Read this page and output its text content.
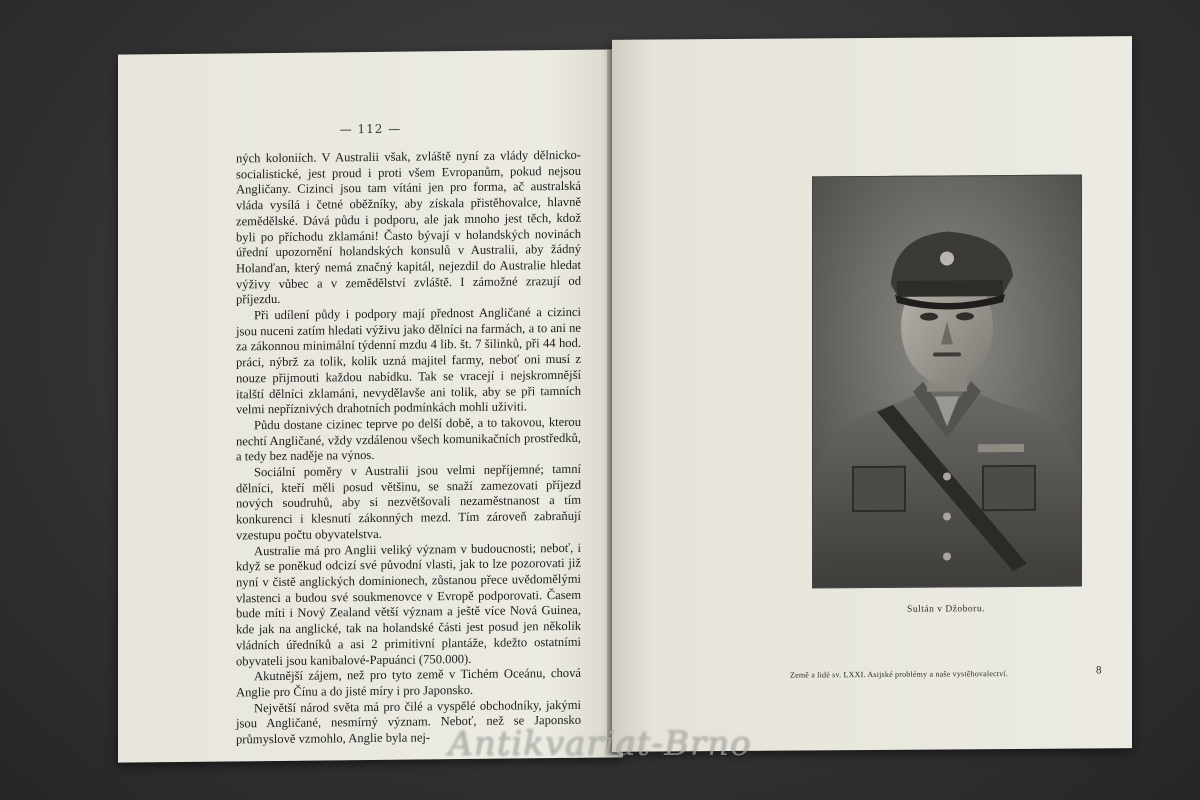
— 112 —

ných koloniích. V Australii však, zvláště nyní za vlády dělnicko-socialistické, jest proud i proti všem Evropanům, pokud nejsou Angličany. Cizinci jsou tam vítáni jen pro forma, ač australská vláda vysílá i četné oběžníky, aby získala přistěhovalce, hlavně zemědělské. Dává půdu i podporu, ale jak mnoho jest těch, kdož byli po příchodu zklamáni! Často bývají v holandských novinách úřední upozornění holandských konsulů v Australii, aby žádný Holanďan, který nemá značný kapitál, nejezdil do Australie hledat výživy vůbec a v zemědělství zvláště. I zámožné zrazují od příjezdu.

Při udílení půdy i podpory mají přednost Angličané a cizinci jsou nuceni zatím hledati výživu jako dělníci na farmách, a to ani ne za zákonnou minimální týdenní mzdu 4 lib. št. 7 šilinků, při 44 hod. práci, nýbrž za tolik, kolik uzná majitel farmy, neboť oni musí z nouze přijmouti každou nabídku. Tak se vracejí i nejskromnější italští dělníci zklamáni, nevydělavše ani tolik, aby se při tamních velmi nepříznivých drahotních podmínkách mohli uživiti.

Půdu dostane cizinec teprve po delší době, a to takovou, kterou nechtí Angličané, vždy vzdálenou všech komunikačních prostředků, a tedy bez naděje na výnos.

Sociální poměry v Australii jsou velmi nepříjemné; tamní dělníci, kteří měli posud většinu, se snaží zamezovati příjezd nových soudruhů, aby si nezvětšovali nezaměstnanost a tím konkurenci i klesnutí zákonných mezd. Tím zároveň zabraňují vzestupu počtu obyvatelstva.

Australie má pro Anglii veliký význam v budoucnosti; neboť, i když se poněkud odcizí své původní vlasti, jak to lze pozorovati již nyní v čistě anglických dominionech, zůstanou přece uvědomělými vlastenci a budou své soukmenovce v Evropě podporovati. Časem bude míti i Nový Zealand větší význam a ještě více Nová Guinea, kde jak na anglické, tak na holandské části jest posud jen několik vládních úředníků a asi 2 primitivní plantáže, kdežto ostatními obyvateli jsou kanibalové-Papuánci (750.000).

Akutnější zájem, než pro tyto země v Tichém Oceánu, chová Anglie pro Čínu a do jisté míry i pro Japonsko.

Největší národ světa má pro čilé a vyspělé obchodníky, jakými jsou Angličané, nesmírný význam. Neboť, než se Japonsko průmyslově vzmohlo, Anglie byla nej-

Sultán v Džoboru.
Země a lidé sv. LXXI. Asijské problémy a naše vystěhovalectví.	8
Antikvariat-Brno
